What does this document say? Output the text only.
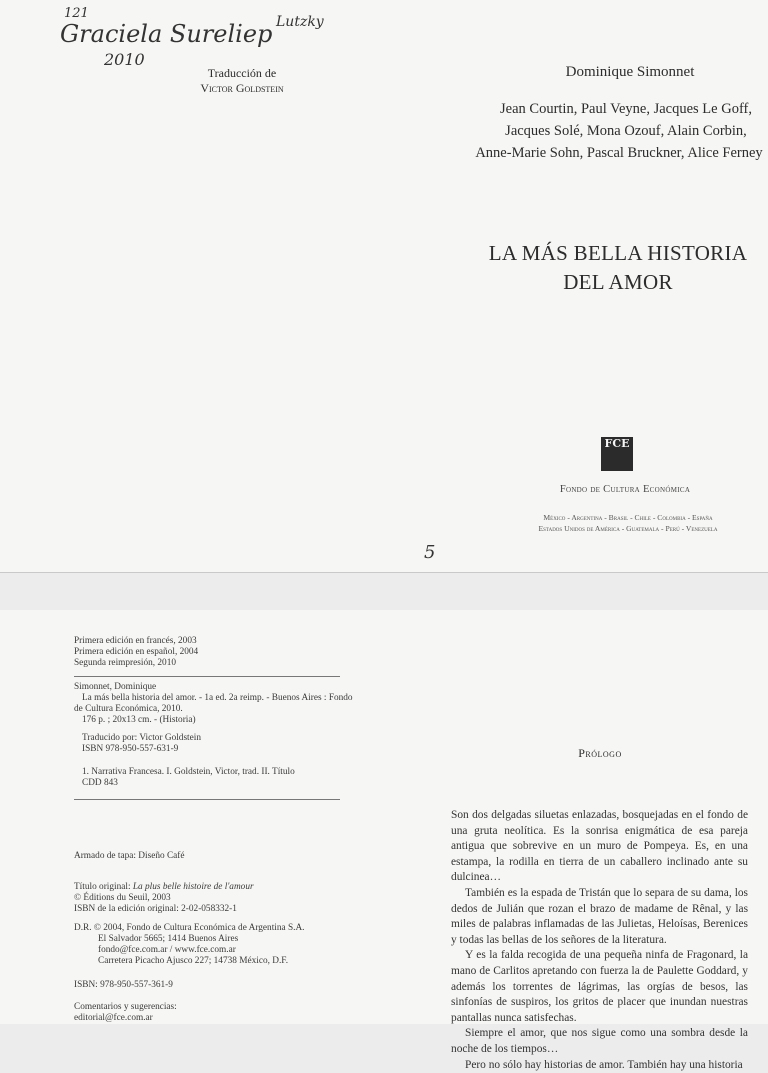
121
Graciela Sureliep
2010
Lutzky
Traducción de
Victor Goldstein
Dominique Simonnet
Jean Courtin, Paul Veyne, Jacques Le Goff,
Jacques Solé, Mona Ozouf, Alain Corbin,
Anne-Marie Sohn, Pascal Bruckner, Alice Ferney
LA MÁS BELLA HISTORIA
DEL AMOR
FCE
Fondo de Cultura Económica
México - Argentina - Brasil - Chile - Colombia - España
Estados Unidos de América - Guatemala - Perú - Venezuela
5
Primera edición en francés, 2003
Primera edición en español, 2004
Segunda reimpresión, 2010
Simonnet, Dominique
La más bella historia del amor. - 1a ed. 2a reimp. - Buenos Aires : Fondo
de Cultura Económica, 2010.
176 p. ; 20x13 cm. - (Historia)
Traducido por: Victor Goldstein
ISBN 978-950-557-631-9
1. Narrativa Francesa. I. Goldstein, Victor, trad. II. Título
CDD 843
Armado de tapa: Diseño Café
Título original: La plus belle histoire de l'amour
© Éditions du Seuil, 2003
ISBN de la edición original: 2-02-058332-1
D.R. © 2004, Fondo de Cultura Económica de Argentina S.A.
El Salvador 5665; 1414 Buenos Aires
fondo@fce.com.ar / www.fce.com.ar
Carretera Picacho Ajusco 227; 14738 México, D.F.
ISBN: 978-950-557-361-9
Comentarios y sugerencias:
editorial@fce.com.ar
Prólogo

Son dos delgadas siluetas enlazadas, bosquejadas en el fondo de una gruta neolítica. Es la sonrisa enigmática de esa pareja antigua que sobrevive en un muro de Pompeya. Es, en una estampa, la rodilla en tierra de un caballero inclinado ante su dulcinea…

También es la espada de Tristán que lo separa de su dama, los dedos de Julián que rozan el brazo de madame de Rênal, y las miles de palabras inflamadas de las Julietas, Heloísas, Berenices y todas las bellas de los señores de la literatura.

Y es la falda recogida de una pequeña ninfa de Fragonard, la mano de Carlitos apretando con fuerza la de Paulette Goddard, y además los torrentes de lágrimas, las orgías de besos, las sinfonías de suspiros, los gritos de placer que inundan nuestras pantallas nunca satisfechas.

Siempre el amor, que nos sigue como una sombra desde la noche de los tiempos…

Pero no sólo hay historias de amor. También hay una historia
